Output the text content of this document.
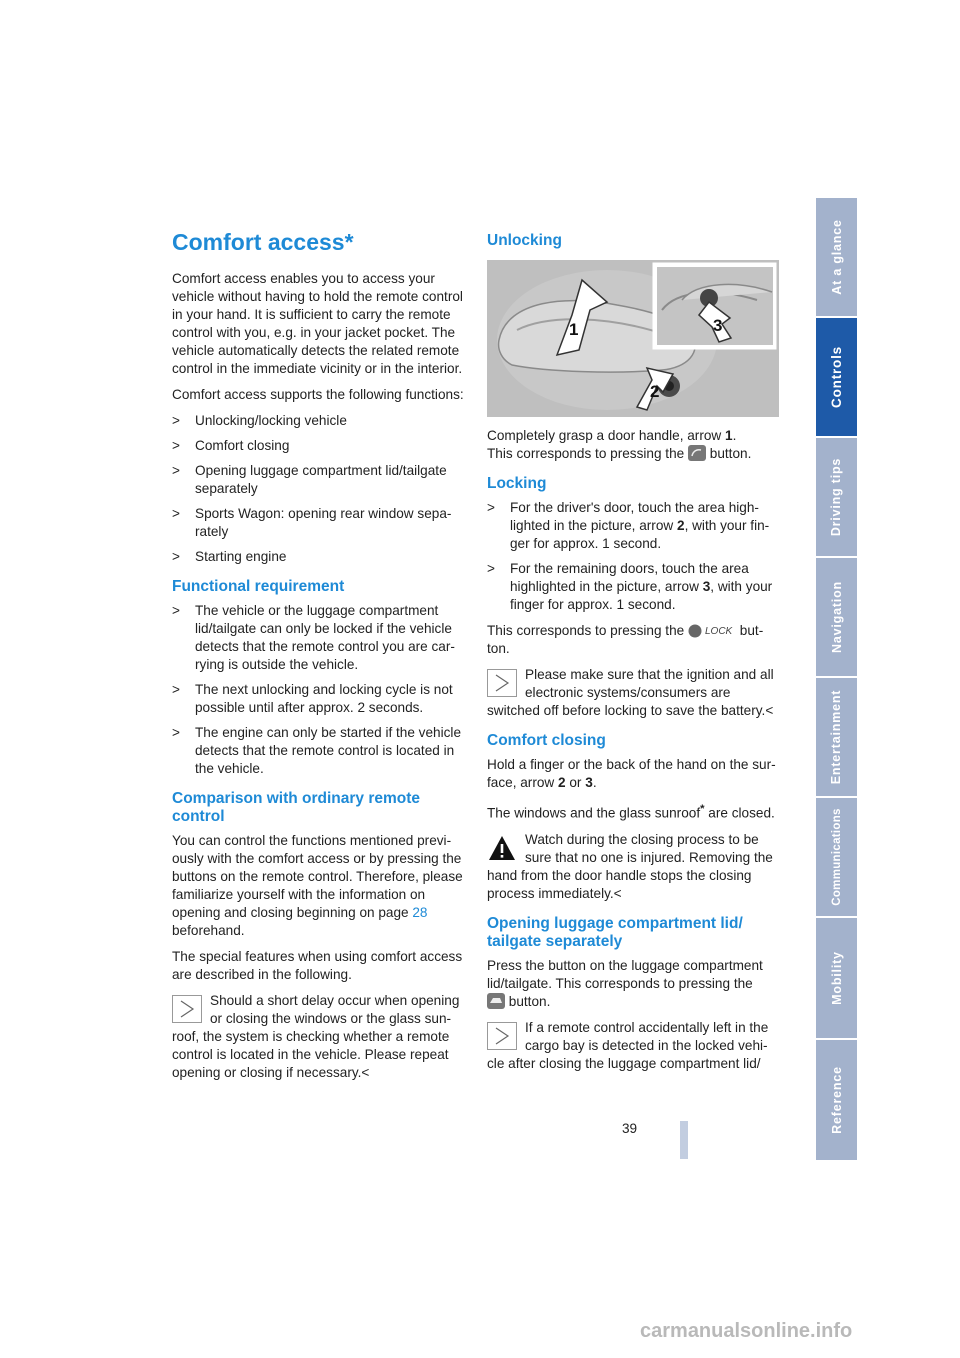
Comfort access*

Comfort access enables you to access your vehicle without having to hold the remote control in your hand. It is sufficient to carry the remote control with you, e.g. in your jacket pocket. The vehicle automatically detects the related remote control in the immediate vicinity or in the interior.

Comfort access supports the following functions:

> Unlocking/locking vehicle
> Comfort closing
> Opening luggage compartment lid/tailgate separately
> Sports Wagon: opening rear window separately
> Starting engine
Functional requirement
> The vehicle or the luggage compartment lid/tailgate can only be locked if the vehicle detects that the remote control you are carrying is outside the vehicle.
> The next unlocking and locking cycle is not possible until after approx. 2 seconds.
> The engine can only be started if the vehicle detects that the remote control is located in the vehicle.
Comparison with ordinary remote control

You can control the functions mentioned previously with the comfort access or by pressing the buttons on the remote control. Therefore, please familiarize yourself with the information on opening and closing beginning on page 28 beforehand.

The special features when using comfort access are described in the following.

Should a short delay occur when opening or closing the windows or the glass sunroof, the system is checking whether a remote control is located in the vehicle. Please repeat opening or closing if necessary.<
Unlocking
1
2
3

Completely grasp a door handle, arrow 1.
This corresponds to pressing the button.

Locking
> For the driver's door, touch the area highlighted in the picture, arrow 2, with your finger for approx. 1 second.
> For the remaining doors, touch the area highlighted in the picture, arrow 3, with your finger for approx. 1 second.

This corresponds to pressing the LOCK button.

Please make sure that the ignition and all electronic systems/consumers are switched off before locking to save the battery.<
Comfort closing

Hold a finger or the back of the hand on the surface, arrow 2 or 3.

The windows and the glass sunroof* are closed.

Watch during the closing process to be sure that no one is injured. Removing the hand from the door handle stops the closing process immediately.<
Opening luggage compartment lid/ tailgate separately

Press the button on the luggage compartment lid/tailgate. This corresponds to pressing the
button.

If a remote control accidentally left in the cargo bay is detected in the locked vehicle after closing the luggage compartment lid/
At a glance
Controls
Driving tips
Navigation
Entertainment
Communications
Mobility
Reference
39
carmanualsonline.info
